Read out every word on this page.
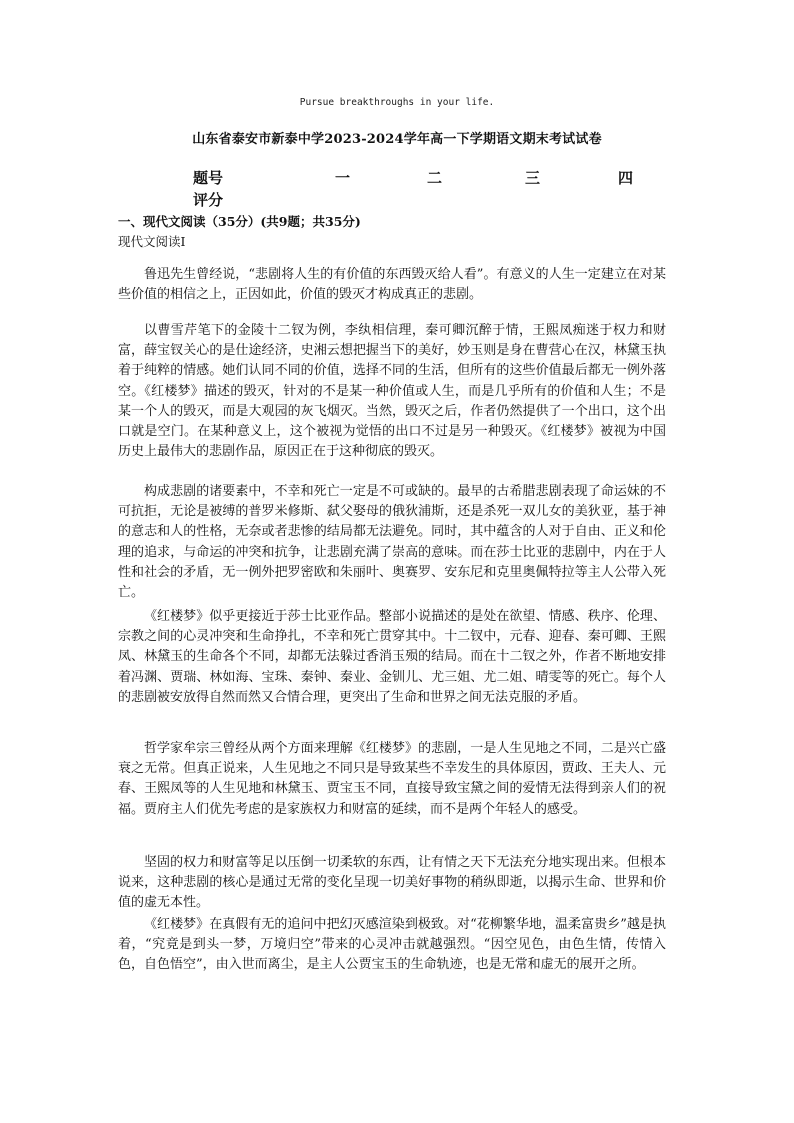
Pursue breakthroughs in your life.
山东省泰安市新泰中学2023-2024学年高一下学期语文期末考试试卷
题号	一	二	三	四
评分
一、现代文阅读（35分）(共9题；共35分)
现代文阅读Ⅰ

鲁迅先生曾经说，“悲剧将人生的有价值的东西毁灭给人看”。有意义的人生一定建立在对某些价值的相信之上，正因如此，价值的毁灭才构成真正的悲剧。

以曹雪芹笔下的金陵十二钗为例，李纨相信理，秦可卿沉醉于情，王熙凤痴迷于权力和财富，薛宝钗关心的是仕途经济，史湘云想把握当下的美好，妙玉则是身在曹营心在汉，林黛玉执着于纯粹的情感。她们认同不同的价值，选择不同的生活，但所有的这些价值最后都无一例外落空。《红楼梦》描述的毁灭，针对的不是某一种价值或人生，而是几乎所有的价值和人生；不是某一个人的毁灭，而是大观园的灰飞烟灭。当然，毁灭之后，作者仍然提供了一个出口，这个出口就是空门。在某种意义上，这个被视为觉悟的出口不过是另一种毁灭。《红楼梦》被视为中国历史上最伟大的悲剧作品，原因正在于这种彻底的毁灭。

构成悲剧的诸要素中，不幸和死亡一定是不可或缺的。最早的古希腊悲剧表现了命运妹的不可抗拒，无论是被缚的普罗米修斯、弑父娶母的俄狄浦斯，还是杀死一双儿女的美狄亚，基于神的意志和人的性格，无奈或者悲惨的结局都无法避免。同时，其中蕴含的人对于自由、正义和伦理的追求，与命运的冲突和抗争，让悲剧充满了崇高的意味。而在莎士比亚的悲剧中，内在于人性和社会的矛盾，无一例外把罗密欧和朱丽叶、奥赛罗、安东尼和克里奥佩特拉等主人公带入死亡。

《红楼梦》似乎更接近于莎士比亚作品。整部小说描述的是处在欲望、情感、秩序、伦理、宗教之间的心灵冲突和生命挣扎，不幸和死亡贯穿其中。十二钗中，元春、迎春、秦可卿、王熙凤、林黛玉的生命各个不同，却都无法躲过香消玉殒的结局。而在十二钗之外，作者不断地安排着冯渊、贾瑞、林如海、宝珠、秦钟、秦业、金钏儿、尤三姐、尤二姐、晴雯等的死亡。每个人的悲剧被安放得自然而然又合情合理，更突出了生命和世界之间无法克服的矛盾。

哲学家牟宗三曾经从两个方面来理解《红楼梦》的悲剧，一是人生见地之不同，二是兴亡盛衰之无常。但真正说来，人生见地之不同只是导致某些不幸发生的具体原因，贾政、王夫人、元春、王熙凤等的人生见地和林黛玉、贾宝玉不同，直接导致宝黛之间的爱情无法得到亲人们的祝福。贾府主人们优先考虑的是家族权力和财富的延续，而不是两个年轻人的感受。

坚固的权力和财富等足以压倒一切柔软的东西，让有情之天下无法充分地实现出来。但根本说来，这种悲剧的核心是通过无常的变化呈现一切美好事物的稍纵即逝，以揭示生命、世界和价值的虚无本性。

《红楼梦》在真假有无的追问中把幻灭感渲染到极致。对“花柳繁华地，温柔富贵乡”越是执着，“究竟是到头一梦，万境归空”带来的心灵冲击就越强烈。“因空见色，由色生情，传情入色，自色悟空”，由入世而离尘，是主人公贾宝玉的生命轨迹，也是无常和虚无的展开之所。
